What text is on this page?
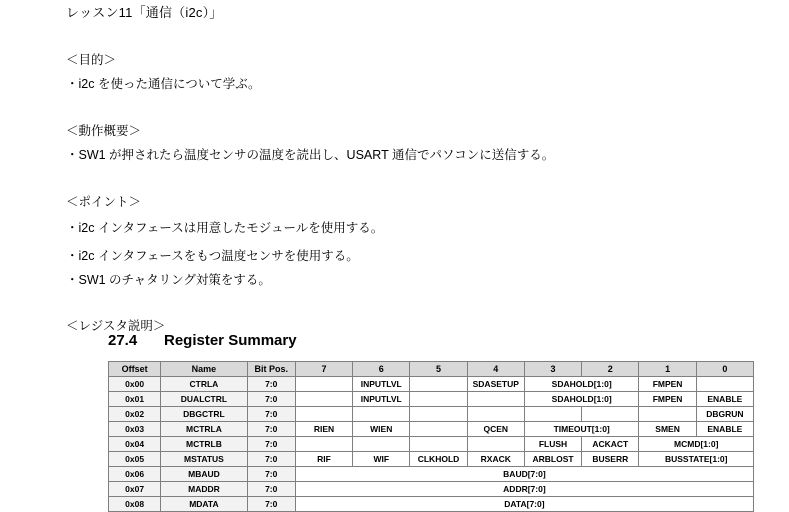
レッスン11「通信（i2c）」
＜目的＞
・i2c を使った通信について学ぶ。
＜動作概要＞
・SW1 が押されたら温度センサの温度を読出し、USART 通信でパソコンに送信する。
＜ポイント＞
・i2c インタフェースは用意したモジュールを使用する。
・i2c インタフェースをもつ温度センサを使用する。
・SW1 のチャタリング対策をする。
＜レジスタ説明＞
27.4 Register Summary
Offset	Name	Bit Pos.	7	6	5	4	3	2	1	0
0x00	CTRLA	7:0		INPUTLVL		SDASETUP	SDAHOLD[1:0]		FMPEN	
0x01	DUALCTRL	7:0		INPUTLVL			SDAHOLD[1:0]		FMPEN	ENABLE
0x02	DBGCTRL	7:0								DBGRUN
0x03	MCTRLA	7:0	RIEN	WIEN		QCEN	TIMEOUT[1:0]		SMEN	ENABLE
0x04	MCTRLB	7:0					FLUSH	ACKACT	MCMD[1:0]	
0x05	MSTATUS	7:0	RIF	WIF	CLKHOLD	RXACK	ARBLOST	BUSERR	BUSSTATE[1:0]	
0x06	MBAUD	7:0	BAUD[7:0]							
0x07	MADDR	7:0	ADDR[7:0]							
0x08	MDATA	7:0	DATA[7:0]							
